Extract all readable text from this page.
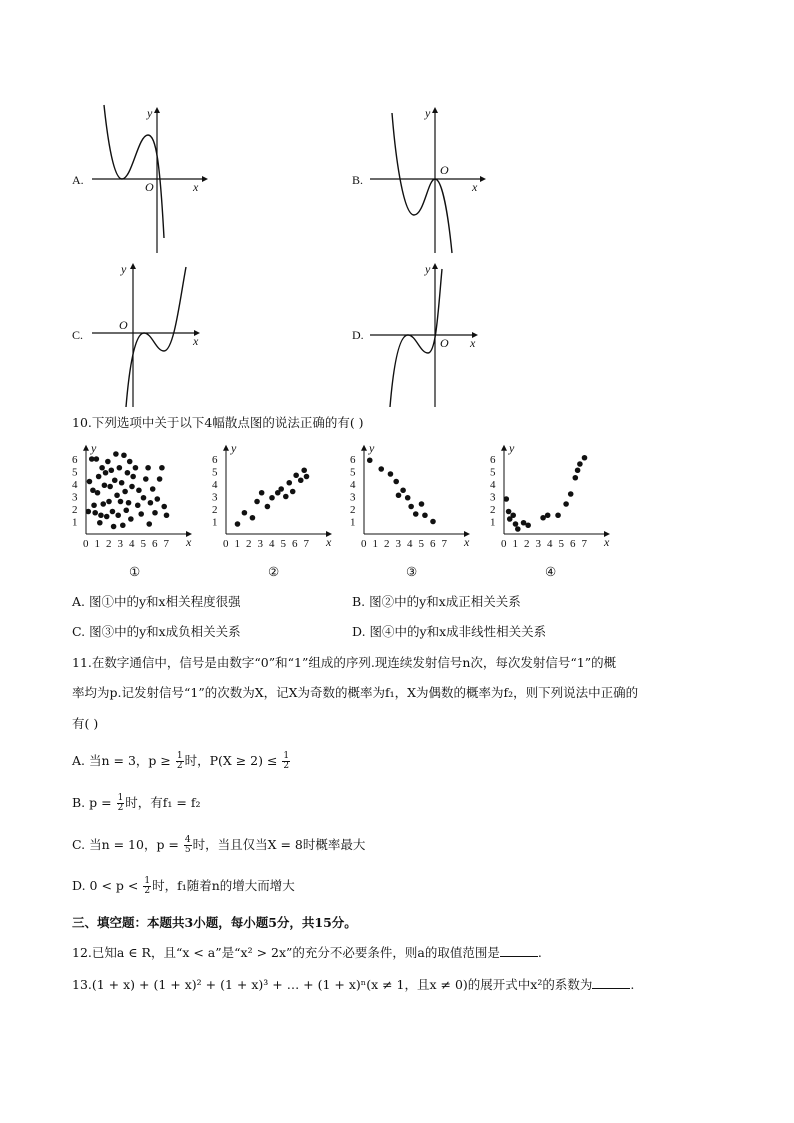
A.	x
y
O	B.	x
y
O
C.	x
y
O
D.
x
y
O
10.下列选项中关于以下4幅散点图的说法正确的有( )
x
y
0 1 2 3 4 5 6 7
1
2
3
4
5
6
x
y
0 1 2 3 4 5 6 7
1
2
3
4
5
6
x
y
0 1 2 3 4 5 6 7
1
2
3
4
5
6
x
y
0 1 2 3 4 5 6 7
1
2
3
4
5
6
①	②	③	④
A. 图①中的y和x相关程度很强	B. 图②中的y和x成正相关关系
C. 图③中的y和x成负相关关系	D. 图④中的y和x成非线性相关关系
11.在数字通信中，信号是由数字“0”和“1”组成的序列.现连续发射信号n次，每次发射信号“1”的概
率均为p.记发射信号“1”的次数为X，记X为奇数的概率为f₁，X为偶数的概率为f₂，则下列说法中正确的
有( )
A. 当n = 3，$p \ge \frac{1}{2}$ 时，$P(X \ge 2) \le \frac{1}{2}$
B. $p = \frac{1}{2}$ 时，有f₁ = f₂
C. 当n = 10，$p = \frac{4}{5}$ 时，当且仅当X = 8时概率最大
D. $0 < p < \frac{1}{2}$ 时，f₁随着n的增大而增大
三、填空题：本题共3小题，每小题5分，共15分。
12.已知a ∈ R，且“x < a”是“x² > 2x”的充分不必要条件，则a的取值范围是	.
13.(1 + x) + (1 + x)² + (1 + x)³ + … + (1 + x)ⁿ(x ≠ 1，且x ≠ 0)的展开式中x²的系数为	.
